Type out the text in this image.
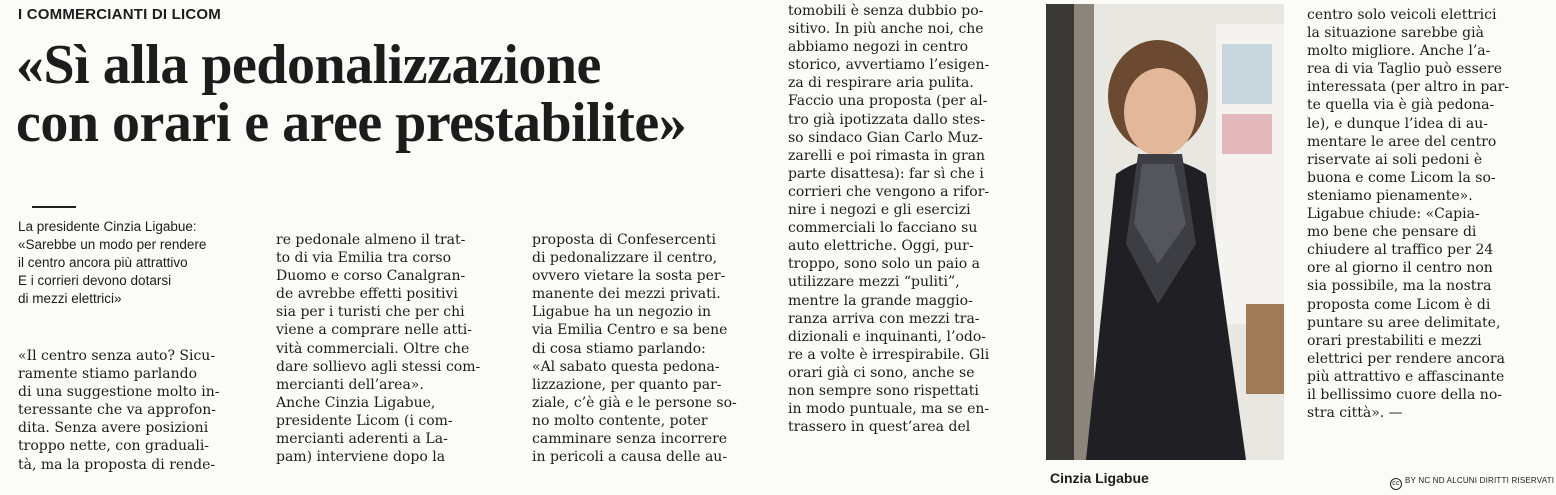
I COMMERCIANTI DI LICOM
«Sì alla pedonalizzazione
con orari e aree prestabilite»
La presidente Cinzia Ligabue:
«Sarebbe un modo per rendere
il centro ancora più attrattivo
E i corrieri devono dotarsi
di mezzi elettrici»
«Il centro senza auto? Sicu-
ramente stiamo parlando
di una suggestione molto in-
teressante che va approfon-
dita. Senza avere posizioni
troppo nette, con graduali-
tà, ma la proposta di rende-
re pedonale almeno il trat-
to di via Emilia tra corso
Duomo e corso Canalgran-
de avrebbe effetti positivi
sia per i turisti che per chi
viene a comprare nelle atti-
vità commerciali. Oltre che
dare sollievo agli stessi com-
mercianti dell’area».
Anche Cinzia Ligabue,
presidente Licom (i com-
mercianti aderenti a La-
pam) interviene dopo la
proposta di Confesercenti
di pedonalizzare il centro,
ovvero vietare la sosta per-
manente dei mezzi privati.
Ligabue ha un negozio in
via Emilia Centro e sa bene
di cosa stiamo parlando:
«Al sabato questa pedona-
lizzazione, per quanto par-
ziale, c’è già e le persone so-
no molto contente, poter
camminare senza incorrere
in pericoli a causa delle au-
tomobili è senza dubbio po-
sitivo. In più anche noi, che
abbiamo negozi in centro
storico, avvertiamo l’esigen-
za di respirare aria pulita.
Faccio una proposta (per al-
tro già ipotizzata dallo stes-
so sindaco Gian Carlo Muz-
zarelli e poi rimasta in gran
parte disattesa): far sì che i
corrieri che vengono a rifor-
nire i negozi e gli esercizi
commerciali lo facciano su
auto elettriche. Oggi, pur-
troppo, sono solo un paio a
utilizzare mezzi “puliti”,
mentre la grande maggio-
ranza arriva con mezzi tra-
dizionali e inquinanti, l’odo-
re a volte è irrespirabile. Gli
orari già ci sono, anche se
non sempre sono rispettati
in modo puntuale, ma se en-
trassero in quest’area del
Cinzia Ligabue
centro solo veicoli elettrici
la situazione sarebbe già
molto migliore. Anche l’a-
rea di via Taglio può essere
interessata (per altro in par-
te quella via è già pedona-
le), e dunque l’idea di au-
mentare le aree del centro
riservate ai soli pedoni è
buona e come Licom la so-
steniamo pienamente».
Ligabue chiude: «Capia-
mo bene che pensare di
chiudere al traffico per 24
ore al giorno il centro non
sia possibile, ma la nostra
proposta come Licom è di
puntare su aree delimitate,
orari prestabiliti e mezzi
elettrici per rendere ancora
più attrattivo e affascinante
il bellissimo cuore della no-
stra città». —
cc BY NC ND ALCUNI DIRITTI RISERVATI
